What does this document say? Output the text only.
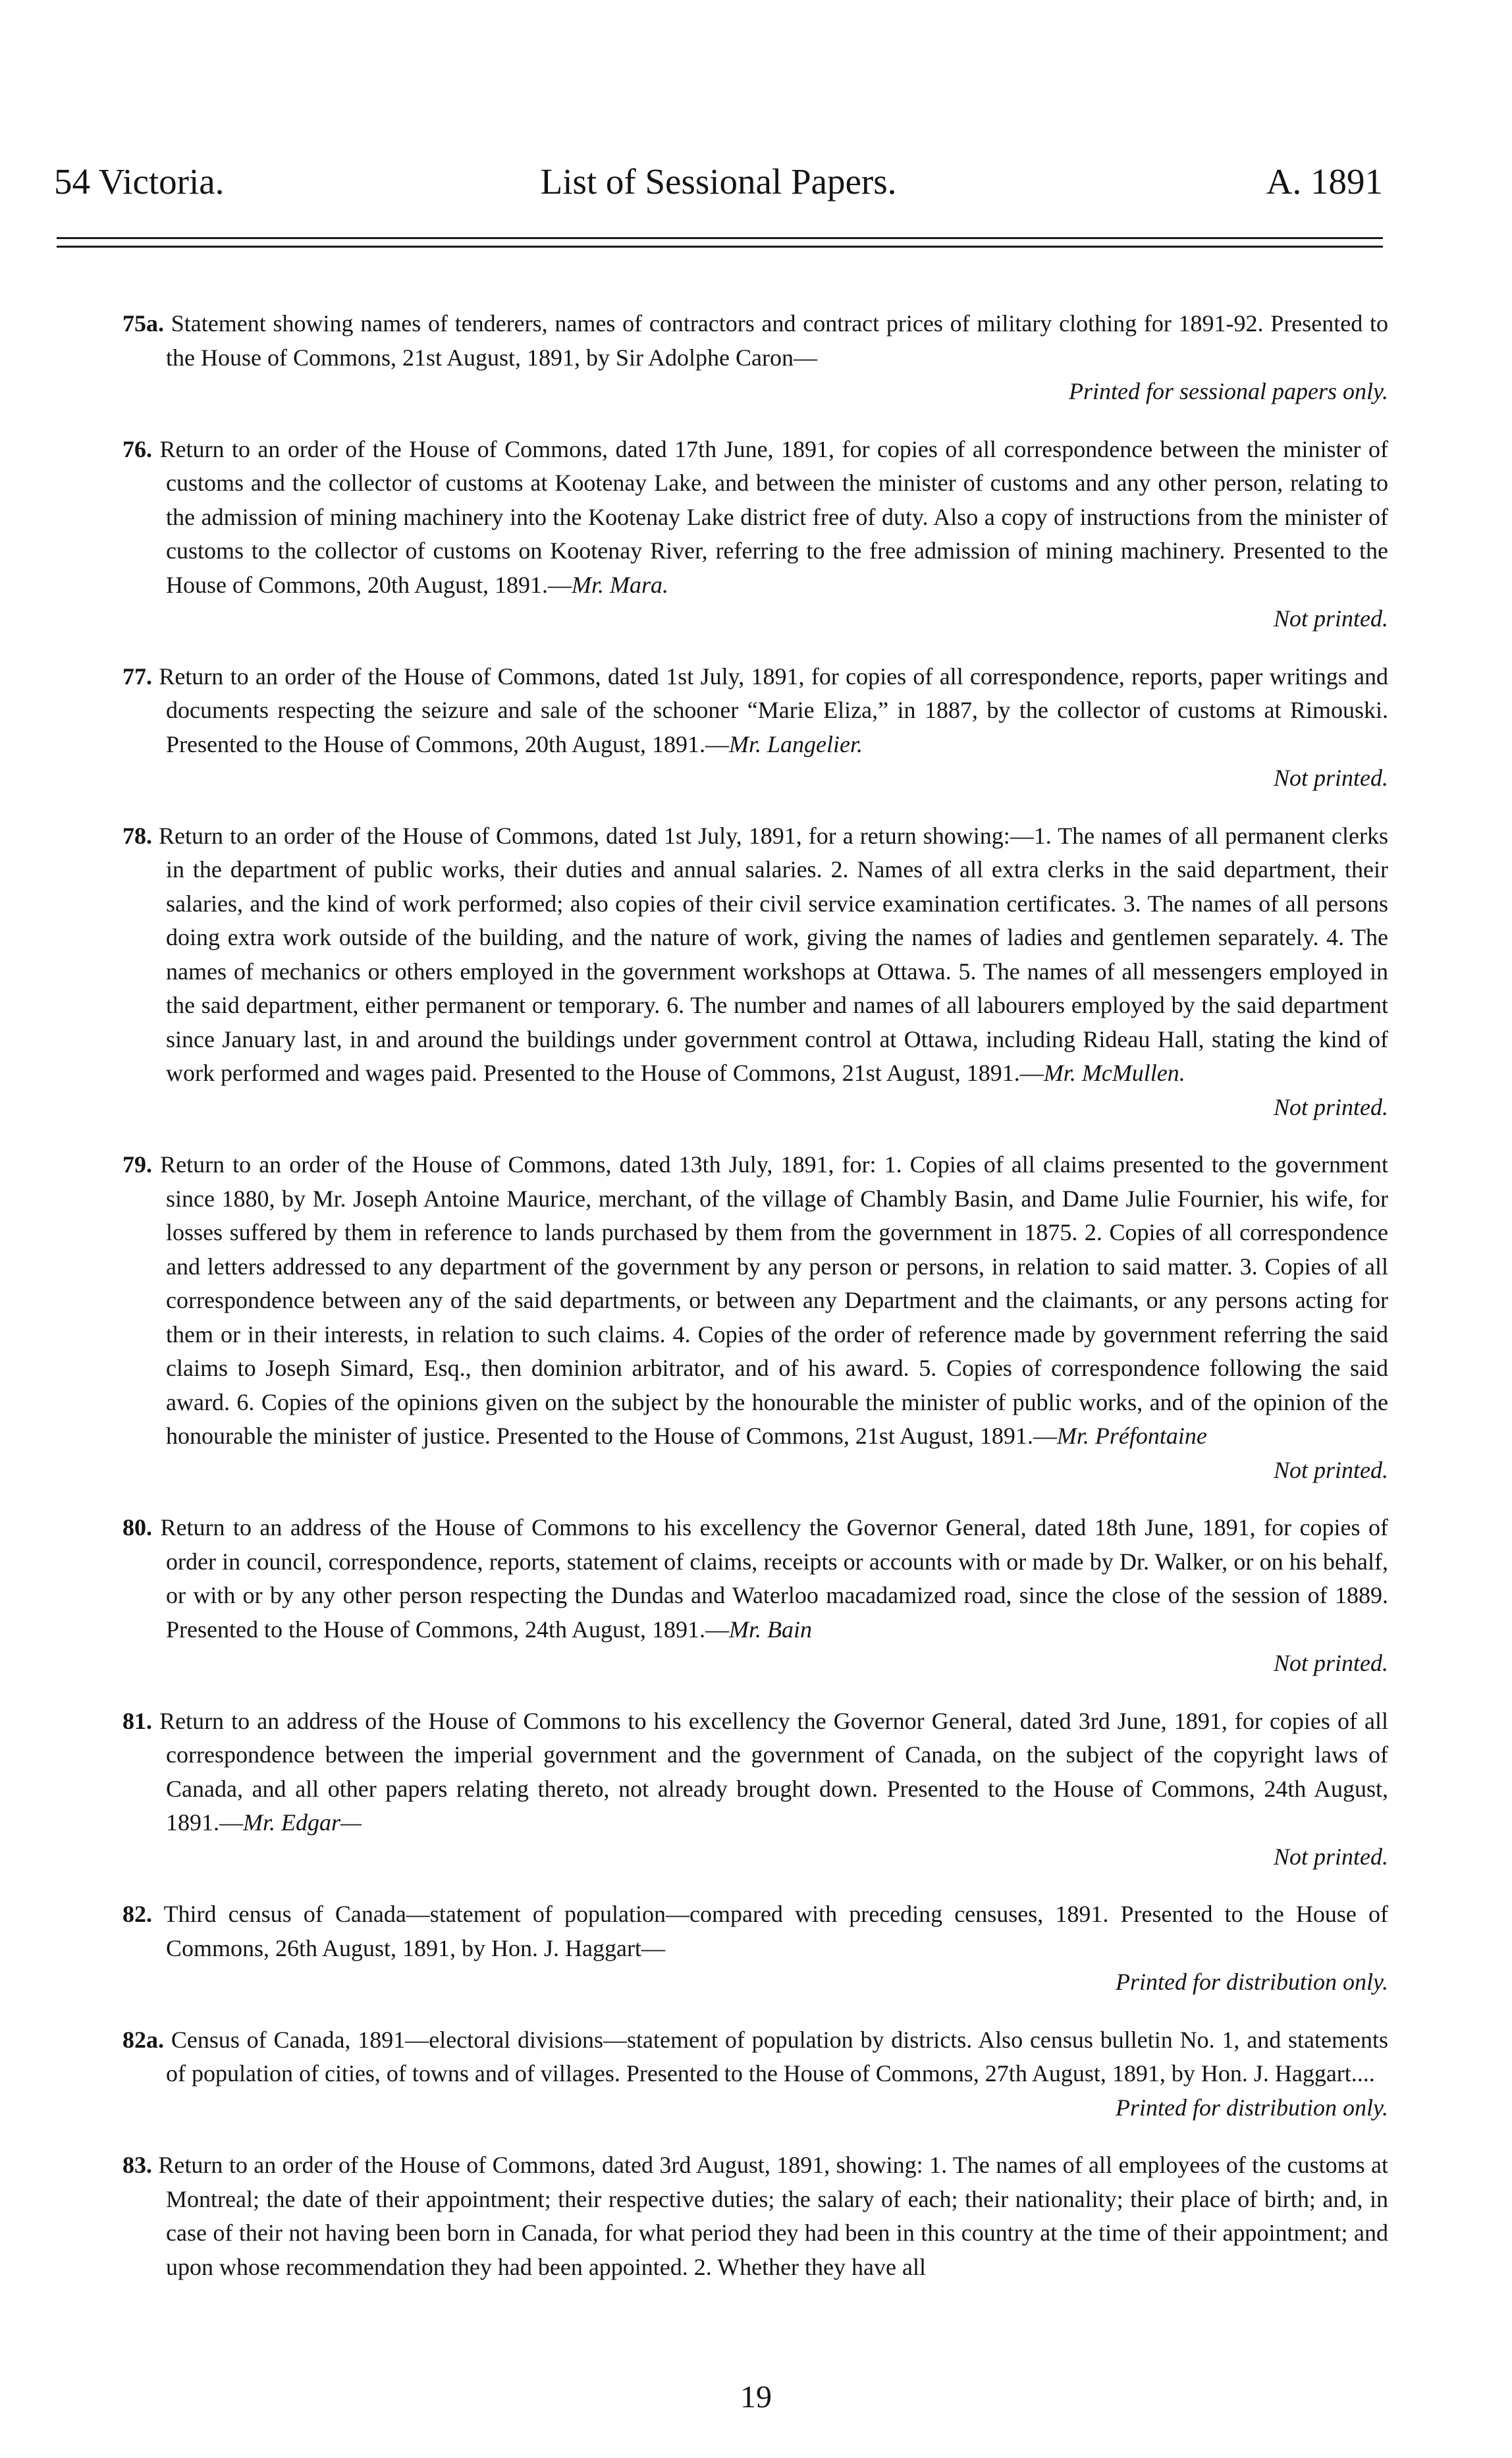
54 Victoria.	List of Sessional Papers.	A. 1891

75a. Statement showing names of tenderers, names of contractors and contract prices of military clothing for 1891-92. Presented to the House of Commons, 21st August, 1891, by Sir Adolphe Caron—
Printed for sessional papers only.

76. Return to an order of the House of Commons, dated 17th June, 1891, for copies of all correspondence between the minister of customs and the collector of customs at Kootenay Lake, and between the minister of customs and any other person, relating to the admission of mining machinery into the Kootenay Lake district free of duty. Also a copy of instructions from the minister of customs to the collector of customs on Kootenay River, referring to the free admission of mining machinery. Presented to the House of Commons, 20th August, 1891.—Mr. Mara.
Not printed.

77. Return to an order of the House of Commons, dated 1st July, 1891, for copies of all correspondence, reports, paper writings and documents respecting the seizure and sale of the schooner “Marie Eliza,” in 1887, by the collector of customs at Rimouski. Presented to the House of Commons, 20th August, 1891.—Mr. Langelier.
Not printed.

78. Return to an order of the House of Commons, dated 1st July, 1891, for a return showing:—1. The names of all permanent clerks in the department of public works, their duties and annual salaries. 2. Names of all extra clerks in the said department, their salaries, and the kind of work performed; also copies of their civil service examination certificates. 3. The names of all persons doing extra work outside of the building, and the nature of work, giving the names of ladies and gentlemen separately. 4. The names of mechanics or others employed in the government workshops at Ottawa. 5. The names of all messengers employed in the said department, either permanent or temporary. 6. The number and names of all labourers employed by the said department since January last, in and around the buildings under government control at Ottawa, including Rideau Hall, stating the kind of work performed and wages paid. Presented to the House of Commons, 21st August, 1891.—Mr. McMullen.
Not printed.

79. Return to an order of the House of Commons, dated 13th July, 1891, for: 1. Copies of all claims presented to the government since 1880, by Mr. Joseph Antoine Maurice, merchant, of the village of Chambly Basin, and Dame Julie Fournier, his wife, for losses suffered by them in reference to lands purchased by them from the government in 1875. 2. Copies of all correspondence and letters addressed to any department of the government by any person or persons, in relation to said matter. 3. Copies of all correspondence between any of the said departments, or between any Department and the claimants, or any persons acting for them or in their interests, in relation to such claims. 4. Copies of the order of reference made by government referring the said claims to Joseph Simard, Esq., then dominion arbitrator, and of his award. 5. Copies of correspondence following the said award. 6. Copies of the opinions given on the subject by the honourable the minister of public works, and of the opinion of the honourable the minister of justice. Presented to the House of Commons, 21st August, 1891.—Mr. Préfontaine
Not printed.

80. Return to an address of the House of Commons to his excellency the Governor General, dated 18th June, 1891, for copies of order in council, correspondence, reports, statement of claims, receipts or accounts with or made by Dr. Walker, or on his behalf, or with or by any other person respecting the Dundas and Waterloo macadamized road, since the close of the session of 1889. Presented to the House of Commons, 24th August, 1891.—Mr. Bain
Not printed.

81. Return to an address of the House of Commons to his excellency the Governor General, dated 3rd June, 1891, for copies of all correspondence between the imperial government and the government of Canada, on the subject of the copyright laws of Canada, and all other papers relating thereto, not already brought down. Presented to the House of Commons, 24th August, 1891.—Mr. Edgar—
Not printed.

82. Third census of Canada—statement of population—compared with preceding censuses, 1891. Presented to the House of Commons, 26th August, 1891, by Hon. J. Haggart—
Printed for distribution only.

82a. Census of Canada, 1891—electoral divisions—statement of population by districts. Also census bulletin No. 1, and statements of population of cities, of towns and of villages. Presented to the House of Commons, 27th August, 1891, by Hon. J. Haggart....
Printed for distribution only.

83. Return to an order of the House of Commons, dated 3rd August, 1891, showing: 1. The names of all employees of the customs at Montreal; the date of their appointment; their respective duties; the salary of each; their nationality; their place of birth; and, in case of their not having been born in Canada, for what period they had been in this country at the time of their appointment; and upon whose recommendation they had been appointed. 2. Whether they have all

19
